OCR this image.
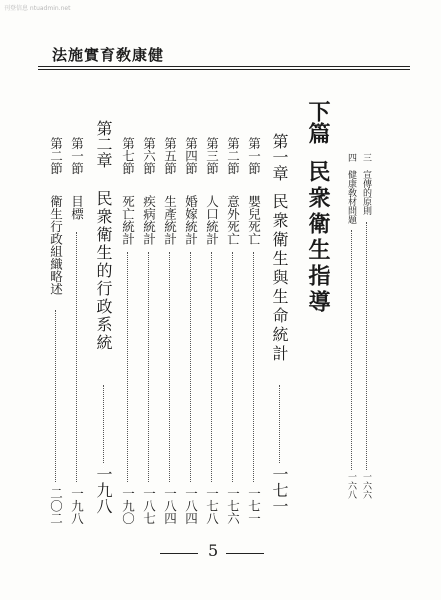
刊登信息 ntuadmin.net
法施實育敎康健
三
宣傳的原則
一六六
四
健康敎材問題
一六八
下篇
民衆衛生指導
第一章
民衆衛生與生命統計
一七一
第一節
嬰兒死亡
一七一
第二節
意外死亡
一七六
第三節
人口統計
一七八
第四節
婚嫁統計
一八四
第五節
生產統計
一八四
第六節
疾病統計
一八七
第七節
死亡統計
一九〇
第二章
民衆衛生的行政系統
一九八
第一節
目標
一九八
第二節
衛生行政組織略述
二〇二
5
